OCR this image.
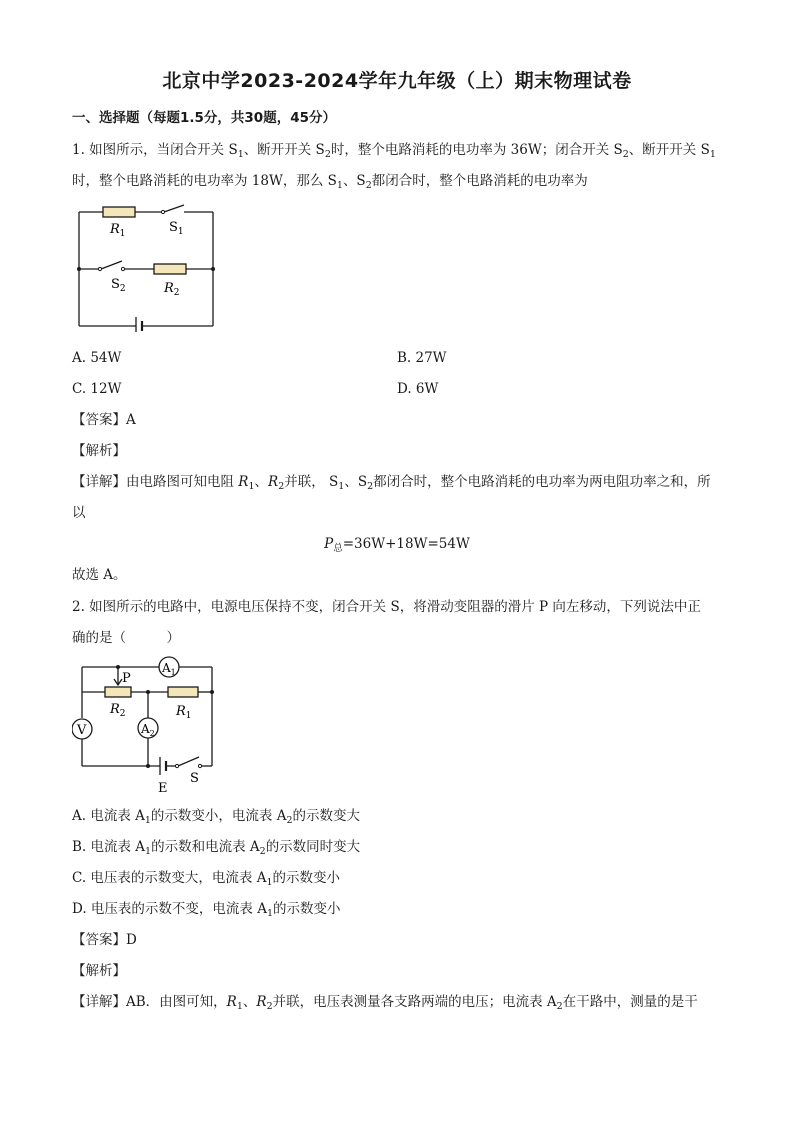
北京中学2023-2024学年九年级（上）期末物理试卷
一、选择题（每题1.5分，共30题，45分）
1. 如图所示，当闭合开关 $S_1$、断开开关 $S_2$时，整个电路消耗的电功率为 36W；闭合开关 $S_2$、断开开关 $S_1$
时，整个电路消耗的电功率为 18W，那么 $S_1$、$S_2$都闭合时，整个电路消耗的电功率为
$R_1$	$S_1$
$S_2$	$R_2$
A. 54W	B. 27W
C. 12W	D. 6W
【答案】A
【解析】
【详解】由电路图可知电阻 $R_1$、$R_2$并联， $S_1$、$S_2$都闭合时，整个电路消耗的电功率为两电阻功率之和，所
以
$P_总=36W+18W=54W$
故选 A。
2. 如图所示的电路中，电源电压保持不变，闭合开关 S，将滑动变阻器的滑片 P 向左移动，下列说法中正
确的是（　　　）
$A_1$
$A_2$
V
P
$R_2$	$R_1$
S
E
A. 电流表 $A_1$的示数变小，电流表 $A_2$的示数变大
B. 电流表 $A_1$的示数和电流表 $A_2$的示数同时变大
C. 电压表的示数变大，电流表 $A_1$的示数变小
D. 电压表的示数不变，电流表 $A_1$的示数变小
【答案】D
【解析】
【详解】AB．由图可知，$R_1$、$R_2$并联，电压表测量各支路两端的电压；电流表 $A_2$在干路中，测量的是干
